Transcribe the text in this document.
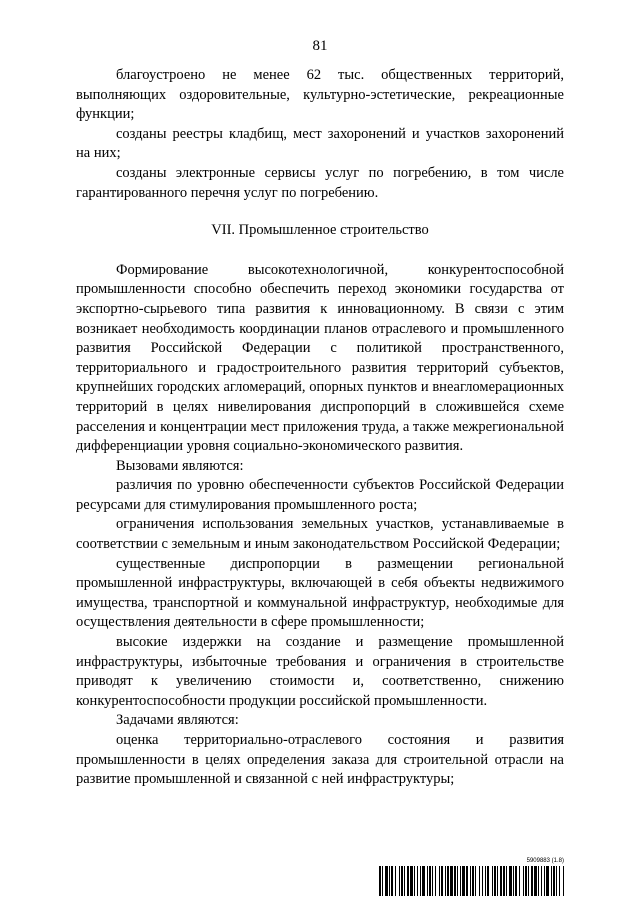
81

благоустроено не менее 62 тыс. общественных территорий, выполняющих оздоровительные, культурно-эстетические, рекреационные функции;

созданы реестры кладбищ, мест захоронений и участков захоронений на них;

созданы электронные сервисы услуг по погребению, в том числе гарантированного перечня услуг по погребению.

VII. Промышленное строительство

Формирование высокотехнологичной, конкурентоспособной промышленности способно обеспечить переход экономики государства от экспортно-сырьевого типа развития к инновационному. В связи с этим возникает необходимость координации планов отраслевого и промышленного развития Российской Федерации с политикой пространственного, территориального и градостроительного развития территорий субъектов, крупнейших городских агломераций, опорных пунктов и внеагломерационных территорий в целях нивелирования диспропорций в сложившейся схеме расселения и концентрации мест приложения труда, а также межрегиональной дифференциации уровня социально-экономического развития.

Вызовами являются:

различия по уровню обеспеченности субъектов Российской Федерации ресурсами для стимулирования промышленного роста;

ограничения использования земельных участков, устанавливаемые в соответствии с земельным и иным законодательством Российской Федерации;

существенные диспропорции в размещении региональной промышленной инфраструктуры, включающей в себя объекты недвижимого имущества, транспортной и коммунальной инфраструктур, необходимые для осуществления деятельности в сфере промышленности;

высокие издержки на создание и размещение промышленной инфраструктуры, избыточные требования и ограничения в строительстве приводят к увеличению стоимости и, соответственно, снижению конкурентоспособности продукции российской промышленности.

Задачами являются:

оценка территориально-отраслевого состояния и развития промышленности в целях определения заказа для строительной отрасли на развитие промышленной и связанной с ней инфраструктуры;

5909883 (1.8)
